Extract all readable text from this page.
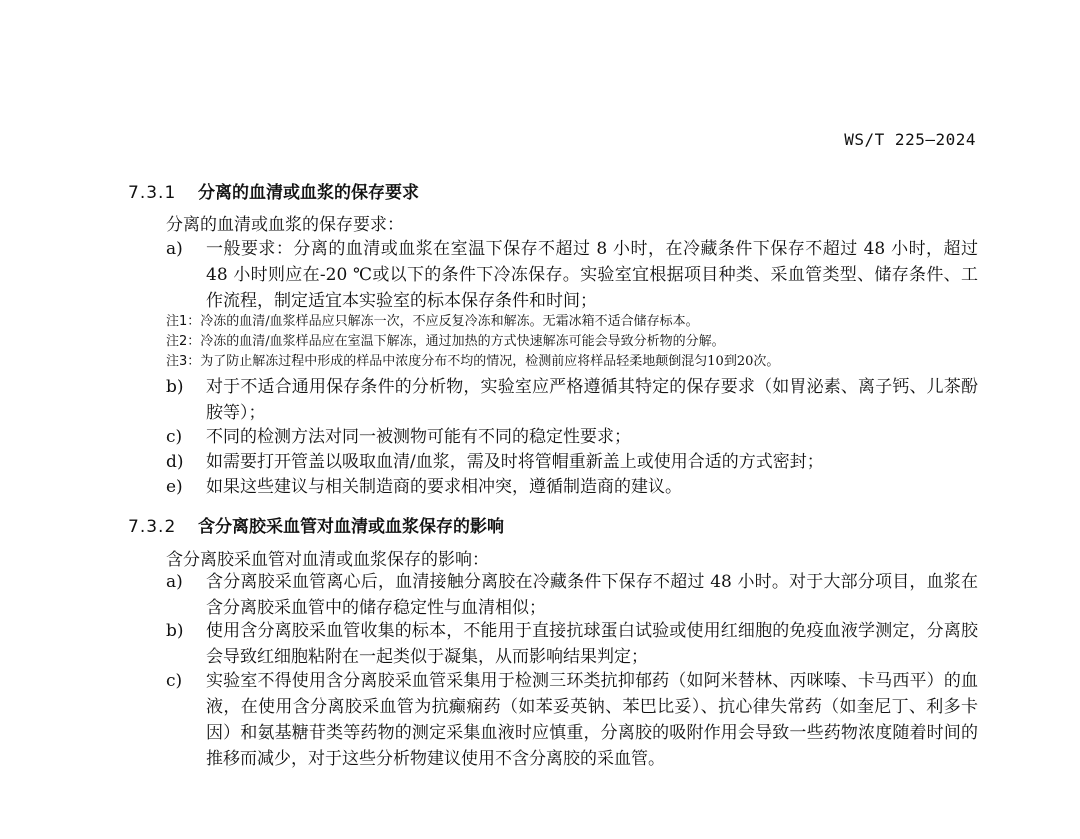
WS/T 225—2024
7.3.1 分离的血清或血浆的保存要求
分离的血清或血浆的保存要求：
a)	一般要求：分离的血清或血浆在室温下保存不超过 8 小时，在冷藏条件下保存不超过 48 小时，超过 48 小时则应在-20 ℃或以下的条件下冷冻保存。实验室宜根据项目种类、采血管类型、储存条件、工作流程，制定适宜本实验室的标本保存条件和时间；
注1：冷冻的血清/血浆样品应只解冻一次，不应反复冷冻和解冻。无霜冰箱不适合储存标本。
注2：冷冻的血清/血浆样品应在室温下解冻，通过加热的方式快速解冻可能会导致分析物的分解。
注3：为了防止解冻过程中形成的样品中浓度分布不均的情况，检测前应将样品轻柔地颠倒混匀10到20次。
b)	对于不适合通用保存条件的分析物，实验室应严格遵循其特定的保存要求（如胃泌素、离子钙、儿茶酚胺等）；
c)	不同的检测方法对同一被测物可能有不同的稳定性要求；
d)	如需要打开管盖以吸取血清/血浆，需及时将管帽重新盖上或使用合适的方式密封；
e)	如果这些建议与相关制造商的要求相冲突，遵循制造商的建议。
7.3.2 含分离胶采血管对血清或血浆保存的影响
含分离胶采血管对血清或血浆保存的影响：
a)	含分离胶采血管离心后，血清接触分离胶在冷藏条件下保存不超过 48 小时。对于大部分项目，血浆在含分离胶采血管中的储存稳定性与血清相似；
b)	使用含分离胶采血管收集的标本，不能用于直接抗球蛋白试验或使用红细胞的免疫血液学测定，分离胶会导致红细胞粘附在一起类似于凝集，从而影响结果判定；
c)	实验室不得使用含分离胶采血管采集用于检测三环类抗抑郁药（如阿米替林、丙咪嗪、卡马西平）的血液，在使用含分离胶采血管为抗癫痫药（如苯妥英钠、苯巴比妥）、抗心律失常药（如奎尼丁、利多卡因）和氨基糖苷类等药物的测定采集血液时应慎重，分离胶的吸附作用会导致一些药物浓度随着时间的推移而减少，对于这些分析物建议使用不含分离胶的采血管。
